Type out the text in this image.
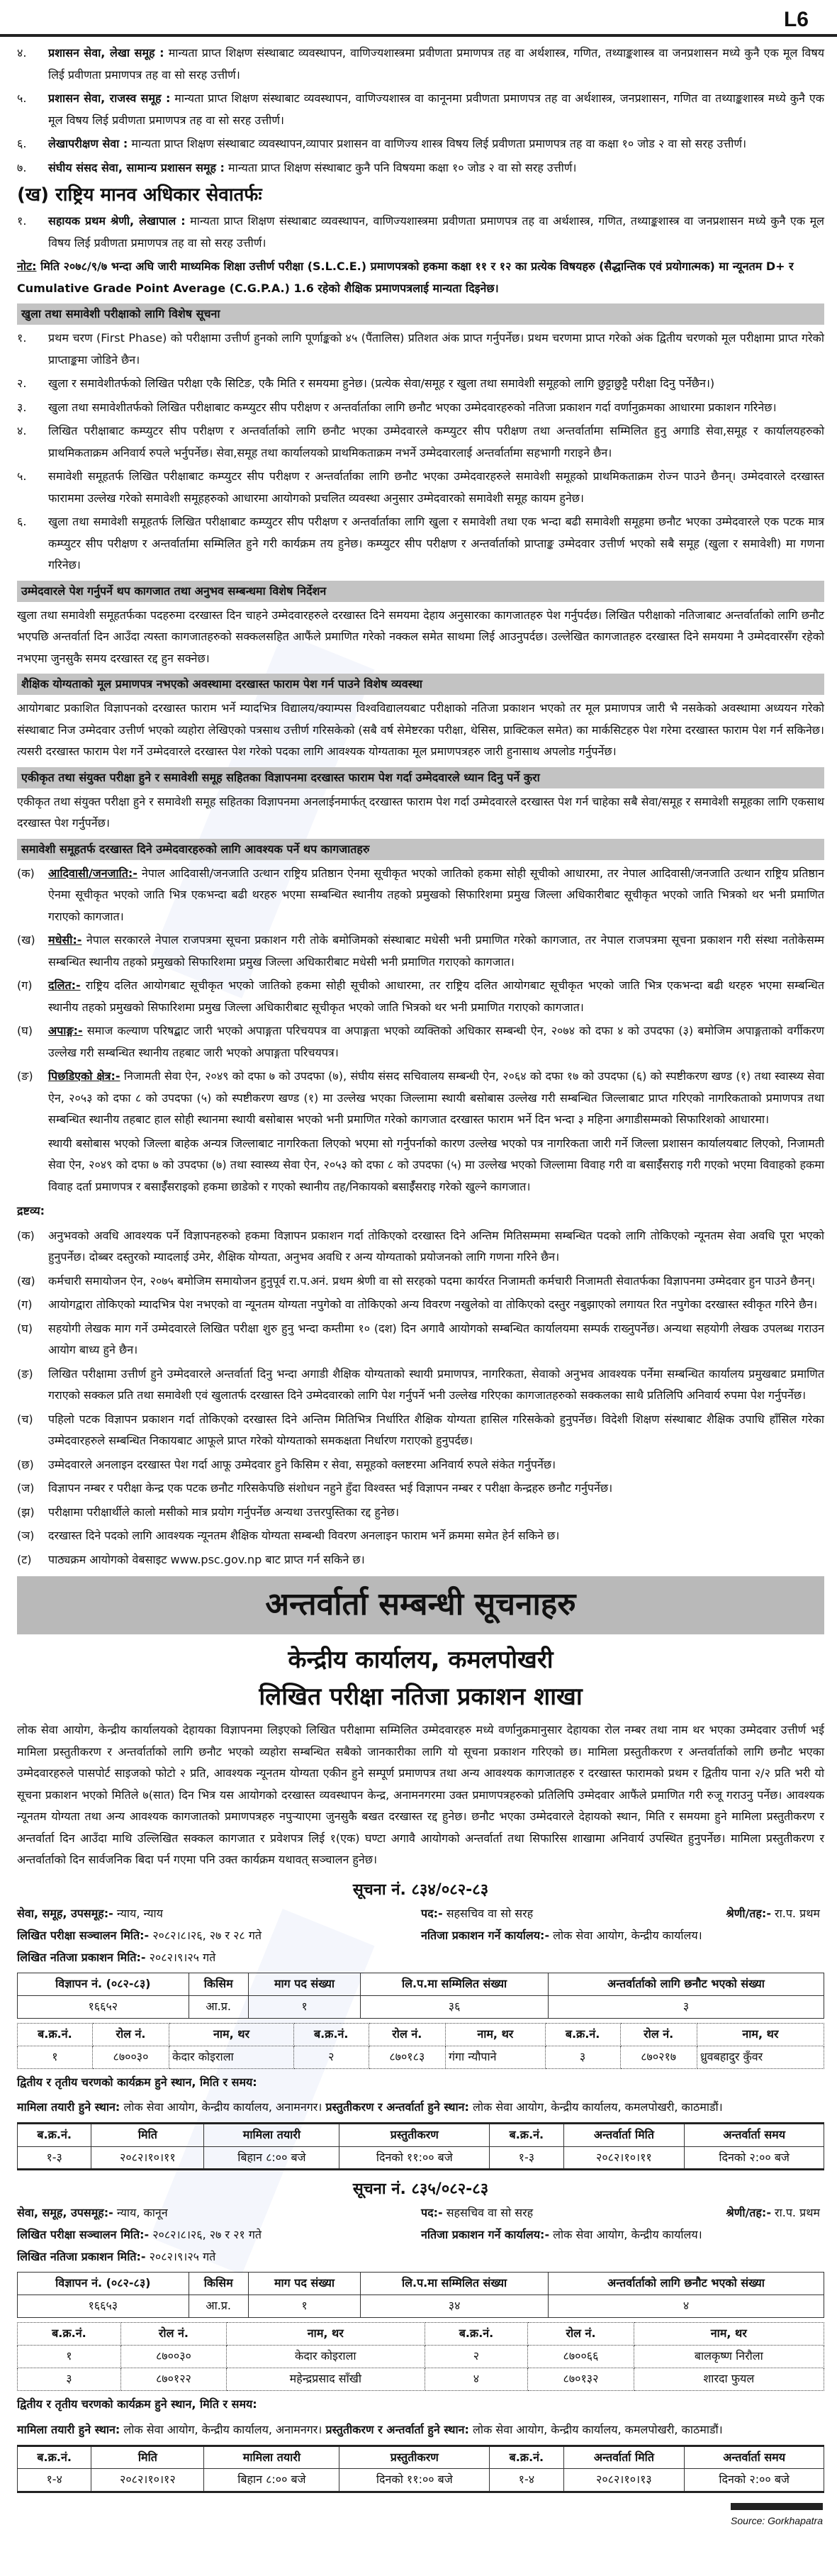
L6
४.	प्रशासन सेवा, लेखा समूह : मान्यता प्राप्त शिक्षण संस्थाबाट व्यवस्थापन, वाणिज्यशास्त्रमा प्रवीणता प्रमाणपत्र तह वा अर्थशास्त्र, गणित, तथ्याङ्कशास्त्र वा जनप्रशासन मध्ये कुनै एक मूल विषय लिई प्रवीणता प्रमाणपत्र तह वा सो सरह उत्तीर्ण।
५.	प्रशासन सेवा, राजस्व समूह : मान्यता प्राप्त शिक्षण संस्थाबाट व्यवस्थापन, वाणिज्यशास्त्र वा कानूनमा प्रवीणता प्रमाणपत्र तह वा अर्थशास्त्र, जनप्रशासन, गणित वा तथ्याङ्कशास्त्र मध्ये कुनै एक मूल विषय लिई प्रवीणता प्रमाणपत्र तह वा सो सरह उत्तीर्ण।
६.	लेखापरीक्षण सेवा : मान्यता प्राप्त शिक्षण संस्थाबाट व्यवस्थापन,व्यापार प्रशासन वा वाणिज्य शास्त्र विषय लिई प्रवीणता प्रमाणपत्र तह वा कक्षा १० जोड २ वा सो सरह उत्तीर्ण।
७.	संघीय संसद सेवा, सामान्य प्रशासन समूह : मान्यता प्राप्त शिक्षण संस्थाबाट कुनै पनि विषयमा कक्षा १० जोड २ वा सो सरह उत्तीर्ण।
(ख) राष्ट्रिय मानव अधिकार सेवातर्फः
१.	सहायक प्रथम श्रेणी, लेखापाल : मान्यता प्राप्त शिक्षण संस्थाबाट व्यवस्थापन, वाणिज्यशास्त्रमा प्रवीणता प्रमाणपत्र तह वा अर्थशास्त्र, गणित, तथ्याङ्कशास्त्र वा जनप्रशासन मध्ये कुनै एक मूल विषय लिई प्रवीणता प्रमाणपत्र तह वा सो सरह उत्तीर्ण।
नोट: मिति २०७८/९/७ भन्दा अघि जारी माध्यमिक शिक्षा उत्तीर्ण परीक्षा (S.L.C.E.) प्रमाणपत्रको हकमा कक्षा ११ र १२ का प्रत्येक विषयहरु (सैद्धान्तिक एवं प्रयोगात्मक) मा न्यूनतम D+ र Cumulative Grade Point Average (C.G.P.A.) 1.6 रहेको शैक्षिक प्रमाणपत्रलाई मान्यता दिइनेछ।
खुला तथा समावेशी परीक्षाको लागि विशेष सूचना
१.	प्रथम चरण (First Phase) को परीक्षामा उत्तीर्ण हुनको लागि पूर्णाङ्कको ४५ (पैंतालिस) प्रतिशत अंक प्राप्त गर्नुपर्नेछ। प्रथम चरणमा प्राप्त गरेको अंक द्वितीय चरणको मूल परीक्षामा प्राप्त गरेको प्राप्ताङ्कमा जोडिने छैन।
२.	खुला र समावेशीतर्फको लिखित परीक्षा एकै सिटिङ, एकै मिति र समयमा हुनेछ। (प्रत्येक सेवा/समूह र खुला तथा समावेशी समूहको लागि छुट्टाछुट्टै परीक्षा दिनु पर्नेछैन।)
३.	खुला तथा समावेशीतर्फको लिखित परीक्षाबाट कम्प्युटर सीप परीक्षण र अन्तर्वार्ताका लागि छनौट भएका उम्मेदवारहरुको नतिजा प्रकाशन गर्दा वर्णानुक्रमका आधारमा प्रकाशन गरिनेछ।
४.	लिखित परीक्षाबाट कम्प्युटर सीप परीक्षण र अन्तर्वार्ताको लागि छनौट भएका उम्मेदवारले कम्प्युटर सीप परीक्षण तथा अन्तर्वार्तामा सम्मिलित हुनु अगाडि सेवा,समूह र कार्यालयहरुको प्राथमिकताक्रम अनिवार्य रुपले भर्नुपर्नेछ। सेवा,समूह तथा कार्यालयको प्राथमिकताक्रम नभर्ने उम्मेदवारलाई अन्तर्वार्तामा सहभागी गराइने छैन।
५.	समावेशी समूहतर्फ लिखित परीक्षाबाट कम्प्युटर सीप परीक्षण र अन्तर्वार्ताका लागि छनौट भएका उम्मेदवारहरुले समावेशी समूहको प्राथमिकताक्रम रोज्न पाउने छैनन्। उम्मेदवारले दरखास्त फाराममा उल्लेख गरेको समावेशी समूहहरुको आधारमा आयोगको प्रचलित व्यवस्था अनुसार उम्मेदवारको समावेशी समूह कायम हुनेछ।
६.	खुला तथा समावेशी समूहतर्फ लिखित परीक्षाबाट कम्प्युटर सीप परीक्षण र अन्तर्वार्ताका लागि खुला र समावेशी तथा एक भन्दा बढी समावेशी समूहमा छनौट भएका उम्मेदवारले एक पटक मात्र कम्प्युटर सीप परीक्षण र अन्तर्वार्तामा सम्मिलित हुने गरी कार्यक्रम तय हुनेछ। कम्प्युटर सीप परीक्षण र अन्तर्वार्ताको प्राप्ताङ्क उम्मेदवार उत्तीर्ण भएको सबै समूह (खुला र समावेशी) मा गणना गरिनेछ।
उम्मेदवारले पेश गर्नुपर्ने थप कागजात तथा अनुभव सम्बन्धमा विशेष निर्देशन
खुला तथा समावेशी समूहतर्फका पदहरुमा दरखास्त दिन चाहने उम्मेदवारहरुले दरखास्त दिने समयमा देहाय अनुसारका कागजातहरु पेश गर्नुपर्दछ। लिखित परीक्षाको नतिजाबाट अन्तर्वार्ताको लागि छनौट भएपछि अन्तर्वार्ता दिन आउँदा त्यस्ता कागजातहरुको सक्कलसहित आफैंले प्रमाणित गरेको नक्कल समेत साथमा लिई आउनुपर्दछ। उल्लेखित कागजातहरु दरखास्त दिने समयमा नै उम्मेदवारसँग रहेको नभएमा जुनसुकै समय दरखास्त रद्द हुन सक्नेछ।
शैक्षिक योग्यताको मूल प्रमाणपत्र नभएको अवस्थामा दरखास्त फाराम पेश गर्न पाउने विशेष व्यवस्था
आयोगबाट प्रकाशित विज्ञापनको दरखास्त फाराम भर्ने म्यादभित्र विद्यालय/क्याम्पस विश्वविद्यालयबाट परीक्षाको नतिजा प्रकाशन भएको तर मूल प्रमाणपत्र जारी भै नसकेको अवस्थामा अध्ययन गरेको संस्थाबाट निज उम्मेदवार उत्तीर्ण भएको व्यहोरा लेखिएको पत्रसाथ उत्तीर्ण गरिसकेको (सबै वर्ष सेमेष्टरका परीक्षा, थेसिस, प्राक्टिकल समेत) का मार्कसिटहरु पेश गरेमा दरखास्त फाराम पेश गर्न सकिनेछ। त्यसरी दरखास्त फाराम पेश गर्ने उम्मेदवारले दरखास्त पेश गरेको पदका लागि आवश्यक योग्यताका मूल प्रमाणपत्रहरु जारी हुनासाथ अपलोड गर्नुपर्नेछ।
एकीकृत तथा संयुक्त परीक्षा हुने र समावेशी समूह सहितका विज्ञापनमा दरखास्त फाराम पेश गर्दा उम्मेदवारले ध्यान दिनु पर्ने कुरा
एकीकृत तथा संयुक्त परीक्षा हुने र समावेशी समूह सहितका विज्ञापनमा अनलाईनमार्फत् दरखास्त फाराम पेश गर्दा उम्मेदवारले दरखास्त पेश गर्न चाहेका सबै सेवा/समूह र समावेशी समूहका लागि एकसाथ दरखास्त पेश गर्नुपर्नेछ।
समावेशी समूहतर्फ दरखास्त दिने उम्मेदवारहरुको लागि आवश्यक पर्ने थप कागजातहरु
(क)	आदिवासी/जनजाति:- नेपाल आदिवासी/जनजाति उत्थान राष्ट्रिय प्रतिष्ठान ऐनमा सूचीकृत भएको जातिको हकमा सोही सूचीको आधारमा, तर नेपाल आदिवासी/जनजाति उत्थान राष्ट्रिय प्रतिष्ठान ऐनमा सूचीकृत भएको जाति भित्र एकभन्दा बढी थरहरु भएमा सम्बन्धित स्थानीय तहको प्रमुखको सिफारिशमा प्रमुख जिल्ला अधिकारीबाट सूचीकृत भएको जाति भित्रको थर भनी प्रमाणित गराएको कागजात।
(ख)	मधेसी:- नेपाल सरकारले नेपाल राजपत्रमा सूचना प्रकाशन गरी तोके बमोजिमको संस्थाबाट मधेसी भनी प्रमाणित गरेको कागजात, तर नेपाल राजपत्रमा सूचना प्रकाशन गरी संस्था नतोकेसम्म सम्बन्धित स्थानीय तहको प्रमुखको सिफारिशमा प्रमुख जिल्ला अधिकारीबाट मधेसी भनी प्रमाणित गराएको कागजात।
(ग)	दलित:- राष्ट्रिय दलित आयोगबाट सूचीकृत भएको जातिको हकमा सोही सूचीको आधारमा, तर राष्ट्रिय दलित आयोगबाट सूचीकृत भएको जाति भित्र एकभन्दा बढी थरहरु भएमा सम्बन्धित स्थानीय तहको प्रमुखको सिफारिशमा प्रमुख जिल्ला अधिकारीबाट सूचीकृत भएको जाति भित्रको थर भनी प्रमाणित गराएको कागजात।
(घ)	अपाङ्ग:- समाज कल्याण परिषद्बाट जारी भएको अपाङ्गता परिचयपत्र वा अपाङ्गता भएको व्यक्तिको अधिकार सम्बन्धी ऐन, २०७४ को दफा ४ को उपदफा (३) बमोजिम अपाङ्गताको वर्गीकरण उल्लेख गरी सम्बन्धित स्थानीय तहबाट जारी भएको अपाङ्गता परिचयपत्र।
(ङ)	पिछडिएको क्षेत्र:- निजामती सेवा ऐन, २०४९ को दफा ७ को उपदफा (७), संघीय संसद सचिवालय सम्बन्धी ऐन, २०६४ को दफा १७ को उपदफा (६) को स्पष्टीकरण खण्ड (१) तथा स्वास्थ्य सेवा ऐन, २०५३ को दफा ८ को उपदफा (५) को स्पष्टीकरण खण्ड (१) मा उल्लेख भएका जिल्लामा स्थायी बसोबास उल्लेख गरी सम्बन्धित जिल्लाबाट प्राप्त गरिएको नागरिकताको प्रमाणपत्र तथा सम्बन्धित स्थानीय तहबाट हाल सोही स्थानमा स्थायी बसोबास भएको भनी प्रमाणित गरेको कागजात दरखास्त फाराम भर्ने दिन भन्दा ३ महिना अगाडीसम्मको सिफारिशको आधारमा।
स्थायी बसोबास भएको जिल्ला बाहेक अन्यत्र जिल्लाबाट नागरिकता लिएको भएमा सो गर्नुपर्नाको कारण उल्लेख भएको पत्र नागरिकता जारी गर्ने जिल्ला प्रशासन कार्यालयबाट लिएको, निजामती सेवा ऐन, २०४९ को दफा ७ को उपदफा (७) तथा स्वास्थ्य सेवा ऐन, २०५३ को दफा ८ को उपदफा (५) मा उल्लेख भएको जिल्लामा विवाह गरी वा बसाईँसराइ गरी गएको भएमा विवाहको हकमा विवाह दर्ता प्रमाणपत्र र बसाईँसराइको हकमा छाडेको र गएको स्थानीय तह/निकायको बसाईँसराइ गरेको खुल्ने कागजात।
द्रष्टव्य:
(क)	अनुभवको अवधि आवश्यक पर्ने विज्ञापनहरुको हकमा विज्ञापन प्रकाशन गर्दा तोकिएको दरखास्त दिने अन्तिम मितिसम्ममा सम्बन्धित पदको लागि तोकिएको न्यूनतम सेवा अवधि पूरा भएको हुनुपर्नेछ। दोब्बर दस्तुरको म्यादलाई उमेर, शैक्षिक योग्यता, अनुभव अवधि र अन्य योग्यताको प्रयोजनको लागि गणना गरिने छैन।
(ख)	कर्मचारी समायोजन ऐन, २०७५ बमोजिम समायोजन हुनुपूर्व रा.प.अनं. प्रथम श्रेणी वा सो सरहको पदमा कार्यरत निजामती कर्मचारी निजामती सेवातर्फका विज्ञापनमा उम्मेदवार हुन पाउने छैनन्।
(ग)	आयोगद्वारा तोकिएको म्यादभित्र पेश नभएको वा न्यूनतम योग्यता नपुगेको वा तोकिएको अन्य विवरण नखुलेको वा तोकिएको दस्तुर नबुझाएको लगायत रित नपुगेका दरखास्त स्वीकृत गरिने छैन।
(घ)	सहयोगी लेखक माग गर्ने उम्मेदवारले लिखित परीक्षा शुरु हुनु भन्दा कम्तीमा १० (दश) दिन अगावै आयोगको सम्बन्धित कार्यालयमा सम्पर्क राख्नुपर्नेछ। अन्यथा सहयोगी लेखक उपलब्ध गराउन आयोग बाध्य हुने छैन।
(ङ)	लिखित परीक्षामा उत्तीर्ण हुने उम्मेदवारले अन्तर्वार्ता दिनु भन्दा अगाडी शैक्षिक योग्यताको स्थायी प्रमाणपत्र, नागरिकता, सेवाको अनुभव आवश्यक पर्नेमा सम्बन्धित कार्यालय प्रमुखबाट प्रमाणित गराएको सक्कल प्रति तथा समावेशी एवं खुलातर्फ दरखास्त दिने उम्मेदवारको लागि पेश गर्नुपर्ने भनी उल्लेख गरिएका कागजातहरुको सक्कलका साथै प्रतिलिपि अनिवार्य रुपमा पेश गर्नुपर्नेछ।
(च)	पहिलो पटक विज्ञापन प्रकाशन गर्दा तोकिएको दरखास्त दिने अन्तिम मितिभित्र निर्धारित शैक्षिक योग्यता हासिल गरिसकेको हुनुपर्नेछ। विदेशी शिक्षण संस्थाबाट शैक्षिक उपाधि हाँसिल गरेका उम्मेदवारहरुले सम्बन्धित निकायबाट आफूले प्राप्त गरेको योग्यताको समकक्षता निर्धारण गराएको हुनुपर्दछ।
(छ)	उम्मेदवारले अनलाइन दरखास्त पेश गर्दा आफू उम्मेदवार हुने किसिम र सेवा, समूहको क्लष्टरमा अनिवार्य रुपले संकेत गर्नुपर्नेछ।
(ज)	विज्ञापन नम्बर र परीक्षा केन्द्र एक पटक छनौट गरिसकेपछि संशोधन नहुने हुँदा विश्वस्त भई विज्ञापन नम्बर र परीक्षा केन्द्रहरु छनौट गर्नुपर्नेछ।
(झ)	परीक्षामा परीक्षार्थीले कालो मसीको मात्र प्रयोग गर्नुपर्नेछ अन्यथा उत्तरपुस्तिका रद्द हुनेछ।
(ञ)	दरखास्त दिने पदको लागि आवश्यक न्यूनतम शैक्षिक योग्यता सम्बन्धी विवरण अनलाइन फाराम भर्ने क्रममा समेत हेर्न सकिने छ।
(ट)	पाठ्यक्रम आयोगको वेबसाइट www.psc.gov.np बाट प्राप्त गर्न सकिने छ।
अन्तर्वार्ता सम्बन्धी सूचनाहरु
केन्द्रीय कार्यालय, कमलपोखरी
लिखित परीक्षा नतिजा प्रकाशन शाखा
लोक सेवा आयोग, केन्द्रीय कार्यालयको देहायका विज्ञापनमा लिइएको लिखित परीक्षामा सम्मिलित उम्मेदवारहरु मध्ये वर्णानुक्रमानुसार देहायका रोल नम्बर तथा नाम थर भएका उम्मेदवार उत्तीर्ण भई मामिला प्रस्तुतीकरण र अन्तर्वार्ताको लागि छनौट भएको व्यहोरा सम्बन्धित सबैको जानकारीका लागि यो सूचना प्रकाशन गरिएको छ। मामिला प्रस्तुतीकरण र अन्तर्वार्ताको लागि छनौट भएका उम्मेदवारहरुले पासपोर्ट साइजको फोटो २ प्रति, आवश्यक न्यूनतम योग्यता एकीन हुने सम्पूर्ण प्रमाणपत्र तथा अन्य आवश्यक कागजातहरु र दरखास्त फारामको प्रथम र द्वितीय पाना २/२ प्रति भरी यो सूचना प्रकाशन भएको मितिले ७(सात) दिन भित्र यस आयोगको दरखास्त व्यवस्थापन केन्द्र, अनामनगरमा उक्त प्रमाणपत्रहरुको प्रतिलिपि उम्मेदवार आफैंले प्रमाणित गरी रुजू गराउनु पर्नेछ। आवश्यक न्यूनतम योग्यता तथा अन्य आवश्यक कागजातको प्रमाणपत्रहरु नपुऱ्याएमा जुनसुकै बखत दरखास्त रद्द हुनेछ। छनौट भएका उम्मेदवारले देहायको स्थान, मिति र समयमा हुने मामिला प्रस्तुतीकरण र अन्तर्वार्ता दिन आउँदा माथि उल्लिखित सक्कल कागजात र प्रवेशपत्र लिई १(एक) घण्टा अगावै आयोगको अन्तर्वार्ता तथा सिफारिस शाखामा अनिवार्य उपस्थित हुनुपर्नेछ। मामिला प्रस्तुतीकरण र अन्तर्वार्ताको दिन सार्वजनिक बिदा पर्न गएमा पनि उक्त कार्यक्रम यथावत् सञ्चालन हुनेछ।
सूचना नं. ८३४/०८२-८३
सेवा, समूह, उपसमूह:- न्याय, न्याय	पद:- सहसचिव वा सो सरह	श्रेणी/तह:- रा.प. प्रथम
लिखित परीक्षा सञ्चालन मिति:- २०८२।८।२६, २७ र २८ गते	नतिजा प्रकाशन गर्ने कार्यालय:- लोक सेवा आयोग, केन्द्रीय कार्यालय।
लिखित नतिजा प्रकाशन मिति:- २०८२।९।२५ गते
विज्ञापन नं. (०८२-८३)	किसिम	माग पद संख्या	लि.प.मा सम्मिलित संख्या	अन्तर्वार्ताको लागि छनौट भएको संख्या
१६६५२	आ.प्र.	१	३६	३
ब.क्र.नं.	रोल नं.	नाम, थर	ब.क्र.नं.	रोल नं.	नाम, थर	ब.क्र.नं.	रोल नं.	नाम, थर
१	८७००३०	केदार कोइराला	२	८७०१८३	गंगा न्यौपाने	३	८७०२१७	ध्रुवबहादुर कुँवर
द्वितीय र तृतीय चरणको कार्यक्रम हुने स्थान, मिति र समय:
मामिला तयारी हुने स्थान: लोक सेवा आयोग, केन्द्रीय कार्यालय, अनामनगर। प्रस्तुतीकरण र अन्तर्वार्ता हुने स्थान: लोक सेवा आयोग, केन्द्रीय कार्यालय, कमलपोखरी, काठमाडौं।
ब.क्र.नं.	मिति	मामिला तयारी	प्रस्तुतीकरण	ब.क्र.नं.	अन्तर्वार्ता मिति	अन्तर्वार्ता समय
१-३	२०८२।१०।११	बिहान ८:०० बजे	दिनको ११:०० बजे	१-३	२०८२।१०।११	दिनको २:०० बजे
सूचना नं. ८३५/०८२-८३
सेवा, समूह, उपसमूह:- न्याय, कानून	पद:- सहसचिव वा सो सरह	श्रेणी/तह:- रा.प. प्रथम
लिखित परीक्षा सञ्चालन मिति:- २०८२।८।२६, २७ र २१ गते	नतिजा प्रकाशन गर्ने कार्यालय:- लोक सेवा आयोग, केन्द्रीय कार्यालय।
लिखित नतिजा प्रकाशन मिति:- २०८२।९।२५ गते
विज्ञापन नं. (०८२-८३)	किसिम	माग पद संख्या	लि.प.मा सम्मिलित संख्या	अन्तर्वार्ताको लागि छनौट भएको संख्या
१६६५३	आ.प्र.	१	३४	४
ब.क्र.नं.	रोल नं.	नाम, थर	ब.क्र.नं.	रोल नं.	नाम, थर
१	८७००३०	केदार कोइराला	२	८७००६६	बालकृष्ण निरौला
३	८७०१२२	महेन्द्रप्रसाद साँखी	४	८७०१३२	शारदा फुयल
द्वितीय र तृतीय चरणको कार्यक्रम हुने स्थान, मिति र समय:
मामिला तयारी हुने स्थान: लोक सेवा आयोग, केन्द्रीय कार्यालय, अनामनगर। प्रस्तुतीकरण र अन्तर्वार्ता हुने स्थान: लोक सेवा आयोग, केन्द्रीय कार्यालय, कमलपोखरी, काठमाडौं।
ब.क्र.नं.	मिति	मामिला तयारी	प्रस्तुतीकरण	ब.क्र.नं.	अन्तर्वार्ता मिति	अन्तर्वार्ता समय
१-४	२०८२।१०।१२	बिहान ८:०० बजे	दिनको ११:०० बजे	१-४	२०८२।१०।१३	दिनको २:०० बजे
Source: Gorkhapatra
